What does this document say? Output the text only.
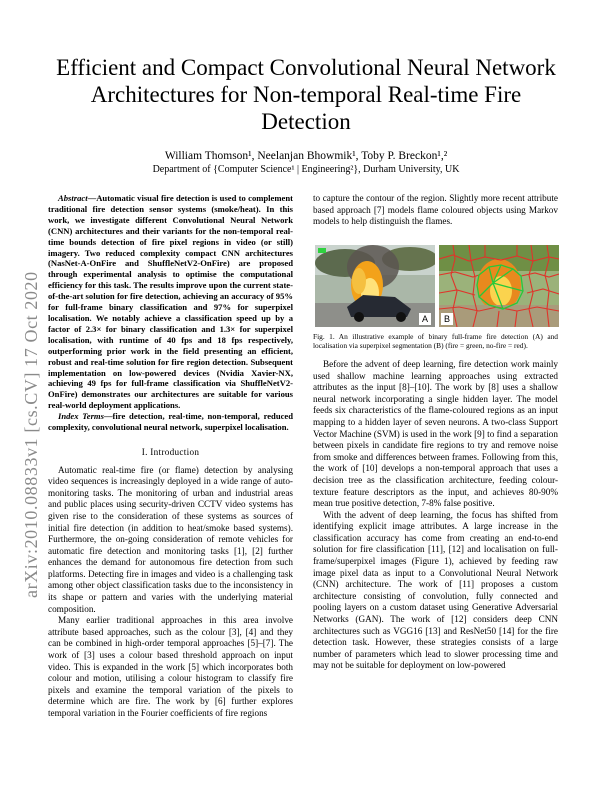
arXiv:2010.08833v1 [cs.CV] 17 Oct 2020
Efficient and Compact Convolutional Neural Network Architectures for Non-temporal Real-time Fire Detection
William Thomson¹, Neelanjan Bhowmik¹, Toby P. Breckon¹,²
Department of {Computer Science¹ | Engineering²}, Durham University, UK

Abstract—Automatic visual fire detection is used to complement traditional fire detection sensor systems (smoke/heat). In this work, we investigate different Convolutional Neural Network (CNN) architectures and their variants for the non-temporal real-time bounds detection of fire pixel regions in video (or still) imagery. Two reduced complexity compact CNN architectures (NasNet-A-OnFire and ShuffleNetV2-OnFire) are proposed through experimental analysis to optimise the computational efficiency for this task. The results improve upon the current state-of-the-art solution for fire detection, achieving an accuracy of 95% for full-frame binary classification and 97% for superpixel localisation. We notably achieve a classification speed up by a factor of 2.3× for binary classification and 1.3× for superpixel localisation, with runtime of 40 fps and 18 fps respectively, outperforming prior work in the field presenting an efficient, robust and real-time solution for fire region detection. Subsequent implementation on low-powered devices (Nvidia Xavier-NX, achieving 49 fps for full-frame classification via ShuffleNetV2-OnFire) demonstrates our architectures are suitable for various real-world deployment applications.

Index Terms—fire detection, real-time, non-temporal, reduced complexity, convolutional neural network, superpixel localisation.

I. Introduction

Automatic real-time fire (or flame) detection by analysing video sequences is increasingly deployed in a wide range of auto-monitoring tasks. The monitoring of urban and industrial areas and public places using security-driven CCTV video systems has given rise to the consideration of these systems as sources of initial fire detection (in addition to heat/smoke based systems). Furthermore, the on-going consideration of remote vehicles for automatic fire detection and monitoring tasks [1], [2] further enhances the demand for autonomous fire detection from such platforms. Detecting fire in images and video is a challenging task among other object classification tasks due to the inconsistency in its shape or pattern and varies with the underlying material composition.

Many earlier traditional approaches in this area involve attribute based approaches, such as the colour [3], [4] and they can be combined in high-order temporal approaches [5]–[7]. The work of [3] uses a colour based threshold approach on input video. This is expanded in the work [5] which incorporates both colour and motion, utilising a colour histogram to classify fire pixels and examine the temporal variation of the pixels to determine which are fire. The work by [6] further explores temporal variation in the Fourier coefficients of fire regions

to capture the contour of the region. Slightly more recent attribute based approach [7] models flame coloured objects using Markov models to help distinguish the flames.

A	B

Fig. 1. An illustrative example of binary full-frame fire detection (A) and localisation via superpixel segmentation (B) (fire = green, no-fire = red).

Before the advent of deep learning, fire detection work mainly used shallow machine learning approaches using extracted attributes as the input [8]–[10]. The work by [8] uses a shallow neural network incorporating a single hidden layer. The model feeds six characteristics of the flame-coloured regions as an input mapping to a hidden layer of seven neurons. A two-class Support Vector Machine (SVM) is used in the work [9] to find a separation between pixels in candidate fire regions to try and remove noise from smoke and differences between frames. Following from this, the work of [10] develops a non-temporal approach that uses a decision tree as the classification architecture, feeding colour-texture feature descriptors as the input, and achieves 80-90% mean true positive detection, 7-8% false positive.

With the advent of deep learning, the focus has shifted from identifying explicit image attributes. A large increase in the classification accuracy has come from creating an end-to-end solution for fire classification [11], [12] and localisation on full-frame/superpixel images (Figure 1), achieved by feeding raw image pixel data as input to a Convolutional Neural Network (CNN) architecture. The work of [11] proposes a custom architecture consisting of convolution, fully connected and pooling layers on a custom dataset using Generative Adversarial Networks (GAN). The work of [12] considers deep CNN architectures such as VGG16 [13] and ResNet50 [14] for the fire detection task. However, these strategies consists of a large number of parameters which lead to slower processing time and may not be suitable for deployment on low-powered
